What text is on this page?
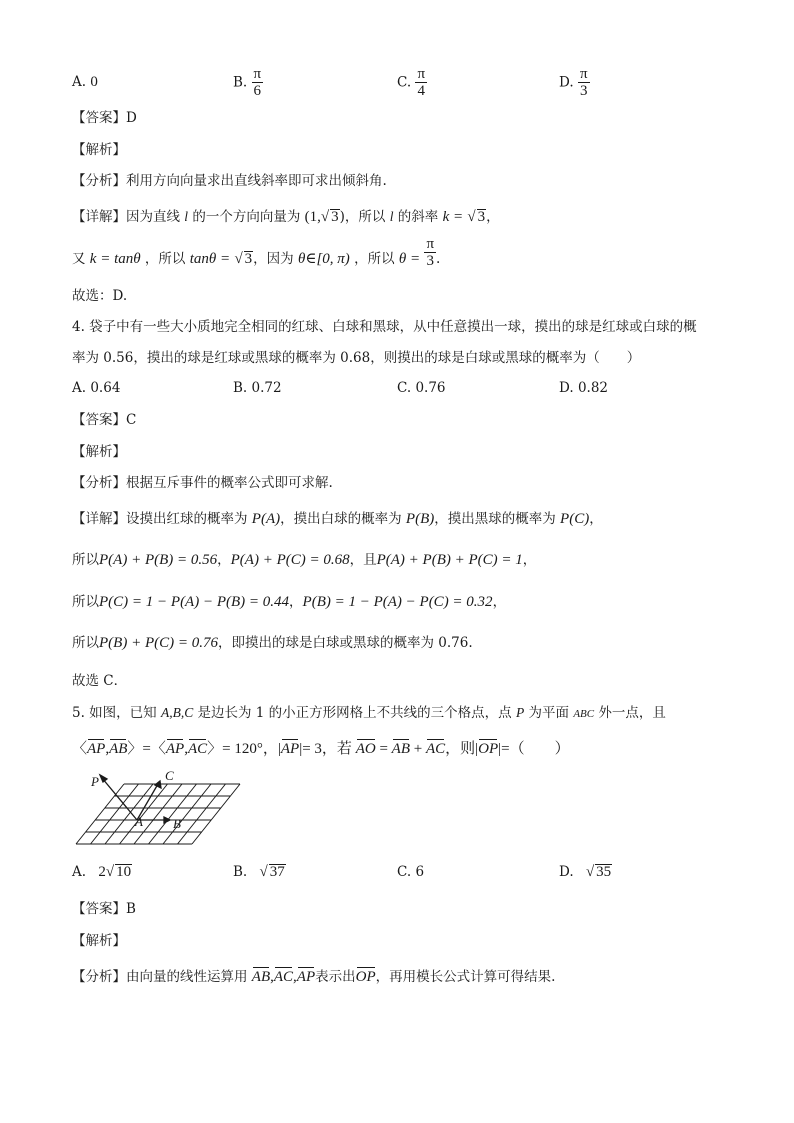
A. 0	B. $\frac{\pi}{6}$	C. $\frac{\pi}{4}$	D. $\frac{\pi}{3}$
【答案】D
【解析】
【分析】利用方向向量求出直线斜率即可求出倾斜角.
【详解】因为直线 l 的一个方向向量为 (1,√ 3)，所以 l 的斜率 k = √ 3，
又 k = tanθ ，所以 tanθ = √ 3，因为 θ∈[0, π) ，所以 $\theta = \frac{\pi}{3}$ .
故选：D.
4. 袋子中有一些大小质地完全相同的红球、白球和黑球，从中任意摸出一球，摸出的球是红球或白球的概
率为 0.56，摸出的球是红球或黑球的概率为 0.68，则摸出的球是白球或黑球的概率为（　　）
A. 0.64	B. 0.72	C. 0.76	D. 0.82
【答案】C
【解析】
【分析】根据互斥事件的概率公式即可求解.
【详解】设摸出红球的概率为 P(A)，摸出白球的概率为 P(B)，摸出黑球的概率为 P(C)，
所以P(A) + P(B) = 0.56，P(A) + P(C) = 0.68，且P(A) + P(B) + P(C) = 1，
所以P(C) = 1 − P(A) − P(B) = 0.44，P(B) = 1 − P(A) − P(C) = 0.32，
所以P(B) + P(C) = 0.76，即摸出的球是白球或黑球的概率为 0.76.
故选 C．
5. 如图，已知 A,B,C 是边长为 1 的小正方形网格上不共线的三个格点，点 P 为平面 ABC 外一点，且
〈AP,AB〉=〈AP,AC〉= 120°，|AP|= 3，若 AO = AB + AC，则|OP|=（　　）
P	C
A B
A. 2√ 10	B. √ 37	C. 6	D. √ 35
【答案】B
【解析】
【分析】由向量的线性运算用 AB,AC,AP表示出OP，再用模长公式计算可得结果.
